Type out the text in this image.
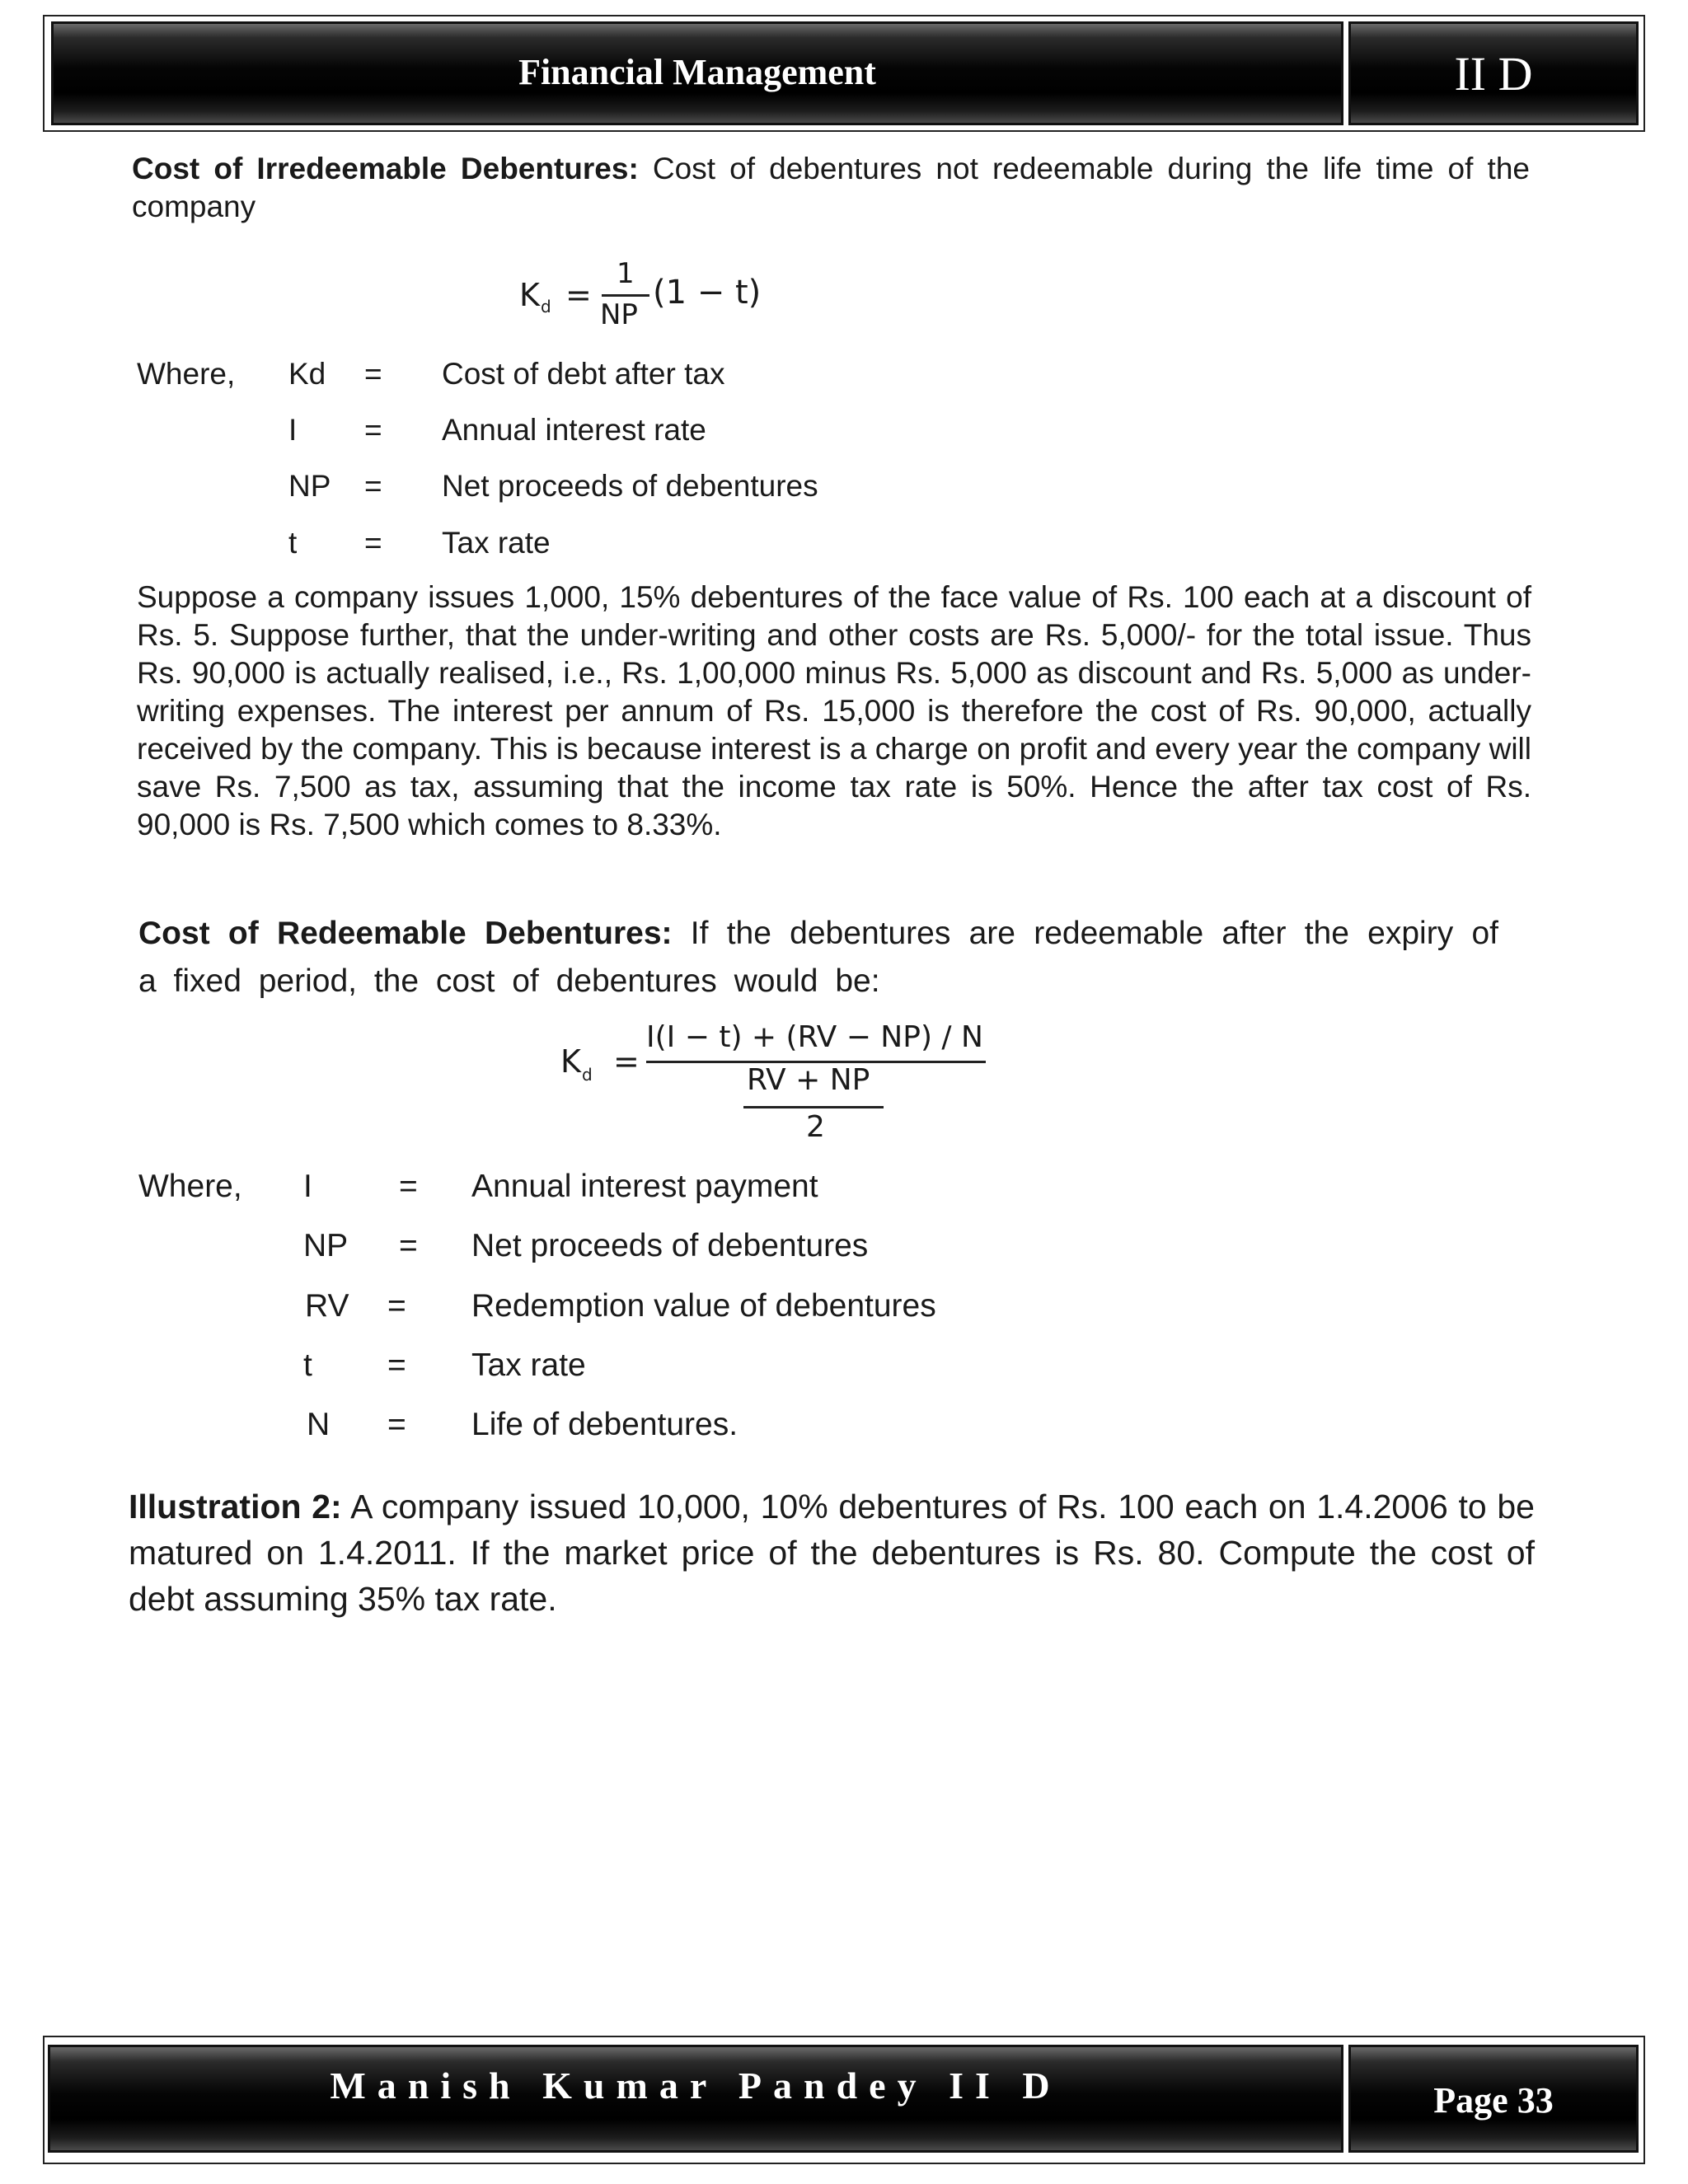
Financial Management	II D
Cost of Irredeemable Debentures: Cost of debentures not redeemable during the life time of the company
K d =
1
NP
(1 − t)
Where, Kd = Cost of debt after tax
I = Annual interest rate
NP = Net proceeds of debentures
t = Tax rate
Suppose a company issues 1,000, 15% debentures of the face value of Rs. 100 each at a discount of Rs. 5. Suppose further, that the under-writing and other costs are Rs. 5,000/- for the total issue. Thus Rs. 90,000 is actually realised, i.e., Rs. 1,00,000 minus Rs. 5,000 as discount and Rs. 5,000 as under-writing expenses. The interest per annum of Rs. 15,000 is therefore the cost of Rs. 90,000, actually received by the company. This is because interest is a charge on profit and every year the company will save Rs. 7,500 as tax, assuming that the income tax rate is 50%. Hence the after tax cost of Rs. 90,000 is Rs. 7,500 which comes to 8.33%.
Cost of Redeemable Debentures: If the debentures are redeemable after the expiry of a fixed period, the cost of debentures would be:
K d =
I(I − t) + (RV − NP) / N
RV + NP
2
Where, I	= Annual interest payment
NP = Net proceeds of debentures
RV = Redemption value of debentures
t = Tax rate
N = Life of debentures.
Illustration 2: A company issued 10,000, 10% debentures of Rs. 100 each on 1.4.2006 to be matured on 1.4.2011. If the market price of the debentures is Rs. 80. Compute the cost of debt assuming 35% tax rate.
Manish Kumar Pandey II D	Page 33
